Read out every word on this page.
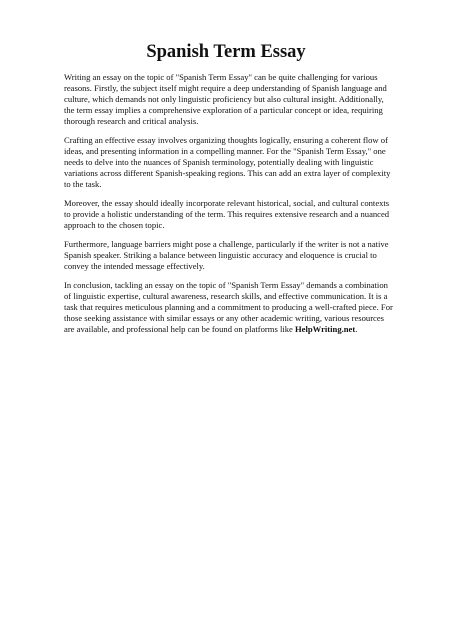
Spanish Term Essay

Writing an essay on the topic of "Spanish Term Essay" can be quite challenging for various reasons. Firstly, the subject itself might require a deep understanding of Spanish language and culture, which demands not only linguistic proficiency but also cultural insight. Additionally, the term essay implies a comprehensive exploration of a particular concept or idea, requiring thorough research and critical analysis.

Crafting an effective essay involves organizing thoughts logically, ensuring a coherent flow of ideas, and presenting information in a compelling manner. For the "Spanish Term Essay," one needs to delve into the nuances of Spanish terminology, potentially dealing with linguistic variations across different Spanish-speaking regions. This can add an extra layer of complexity to the task.

Moreover, the essay should ideally incorporate relevant historical, social, and cultural contexts to provide a holistic understanding of the term. This requires extensive research and a nuanced approach to the chosen topic.

Furthermore, language barriers might pose a challenge, particularly if the writer is not a native Spanish speaker. Striking a balance between linguistic accuracy and eloquence is crucial to convey the intended message effectively.

In conclusion, tackling an essay on the topic of "Spanish Term Essay" demands a combination of linguistic expertise, cultural awareness, research skills, and effective communication. It is a task that requires meticulous planning and a commitment to producing a well-crafted piece. For those seeking assistance with similar essays or any other academic writing, various resources are available, and professional help can be found on platforms like HelpWriting.net.
